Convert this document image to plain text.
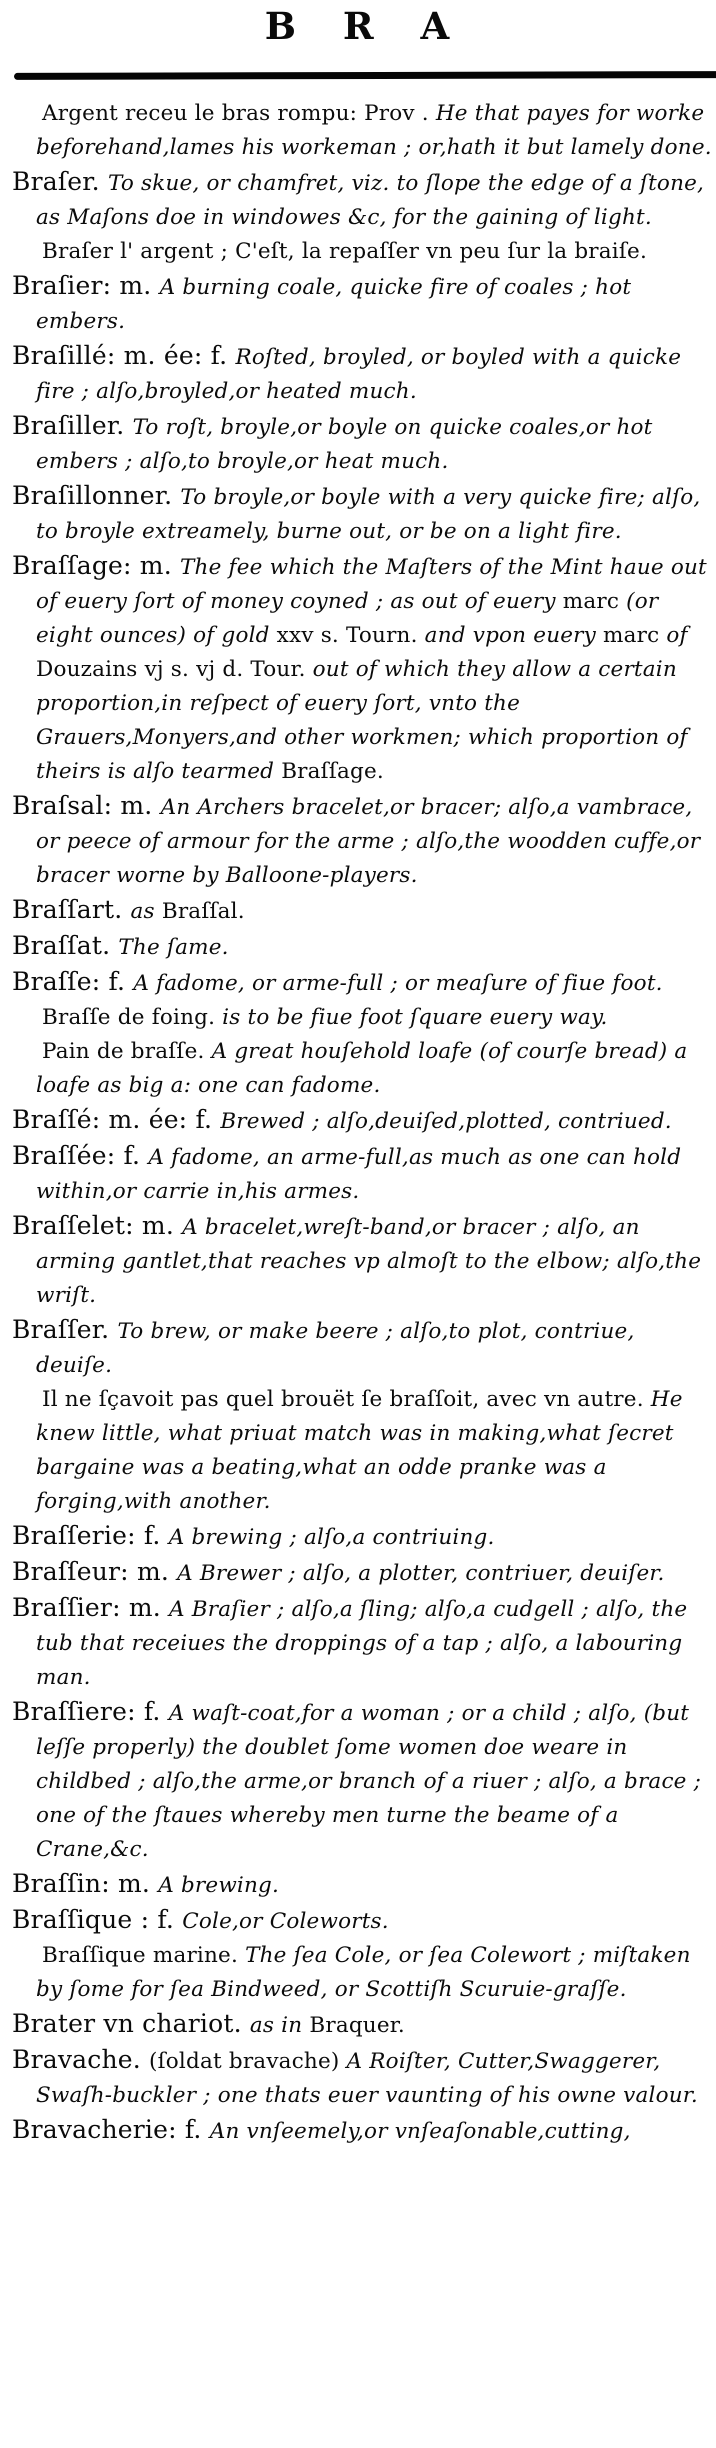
B R A

Argent receu le bras rompu: Prov . He that payes for worke beforehand,lames his workeman ; or,hath it but lamely done.

Braſer. To skue, or chamfret, viz. to ſlope the edge of a ſtone, as Maſons doe in windowes &c, for the gaining of light.

Braſer l' argent ; C'eſt, la repaſſer vn peu ſur la braiſe.

Braſier: m. A burning coale, quicke fire of coales ; hot embers.

Braſillé: m. ée: f. Roſted, broyled, or boyled with a quicke fire ; alſo,broyled,or heated much.

Braſiller. To roſt, broyle,or boyle on quicke coales,or hot embers ; alſo,to broyle,or heat much.

Braſillonner. To broyle,or boyle with a very quicke fire; alſo, to broyle extreamely, burne out, or be on a light fire.

Braſſage: m. The fee which the Maſters of the Mint haue out of euery ſort of money coyned ; as out of euery marc (or eight ounces) of gold xxv s. Tourn. and vpon euery marc of Douzains vj s. vj d. Tour. out of which they allow a certain proportion,in reſpect of euery ſort, vnto the Grauers,Monyers,and other workmen; which proportion of theirs is alſo tearmed Braſſage.

Braſsal: m. An Archers bracelet,or bracer; alſo,a vambrace, or peece of armour for the arme ; alſo,the woodden cuffe,or bracer worne by Balloone-players.

Braſſart. as Braſſal.

Braſſat. The ſame.

Braſſe: f. A fadome, or arme-full ; or meaſure of fiue foot.

Braſſe de foing. is to be fiue foot ſquare euery way.

Pain de braſſe. A great houſehold loafe (of courſe bread) a loafe as big a: one can fadome.

Braſſé: m. ée: f. Brewed ; alſo,deuiſed,plotted, contriued.

Braſſée: f. A fadome, an arme-full,as much as one can hold within,or carrie in,his armes.

Braſſelet: m. A bracelet,wreſt-band,or bracer ; alſo, an arming gantlet,that reaches vp almoſt to the elbow; alſo,the wriſt.

Braſſer. To brew, or make beere ; alſo,to plot, contriue, deuiſe.

Il ne ſçavoit pas quel brouët ſe braſſoit, avec vn autre. He knew little, what priuat match was in making,what ſecret bargaine was a beating,what an odde pranke was a forging,with another.

Braſſerie: f. A brewing ; alſo,a contriuing.

Braſſeur: m. A Brewer ; alſo, a plotter, contriuer, deuiſer.

Braſſier: m. A Braſier ; alſo,a ſling; alſo,a cudgell ; alſo, the tub that receiues the droppings of a tap ; alſo, a labouring man.

Braſſiere: f. A waſt-coat,for a woman ; or a child ; alſo, (but leſſe properly) the doublet ſome women doe weare in childbed ; alſo,the arme,or branch of a riuer ; alſo, a brace ; one of the ſtaues whereby men turne the beame of a Crane,&c.

Braſſin: m. A brewing.

Braſſique : f. Cole,or Coleworts.

Braſſique marine. The ſea Cole, or ſea Colewort ; miſtaken by ſome for ſea Bindweed, or Scottiſh Scuruie-graſſe.

Brater vn chariot. as in Braquer.

Bravache. (ſoldat bravache) A Roiſter, Cutter,Swaggerer, Swaſh-buckler ; one thats euer vaunting of his owne valour.

Bravacherie: f. An vnſeemely,or vnſeaſonable,cutting,
